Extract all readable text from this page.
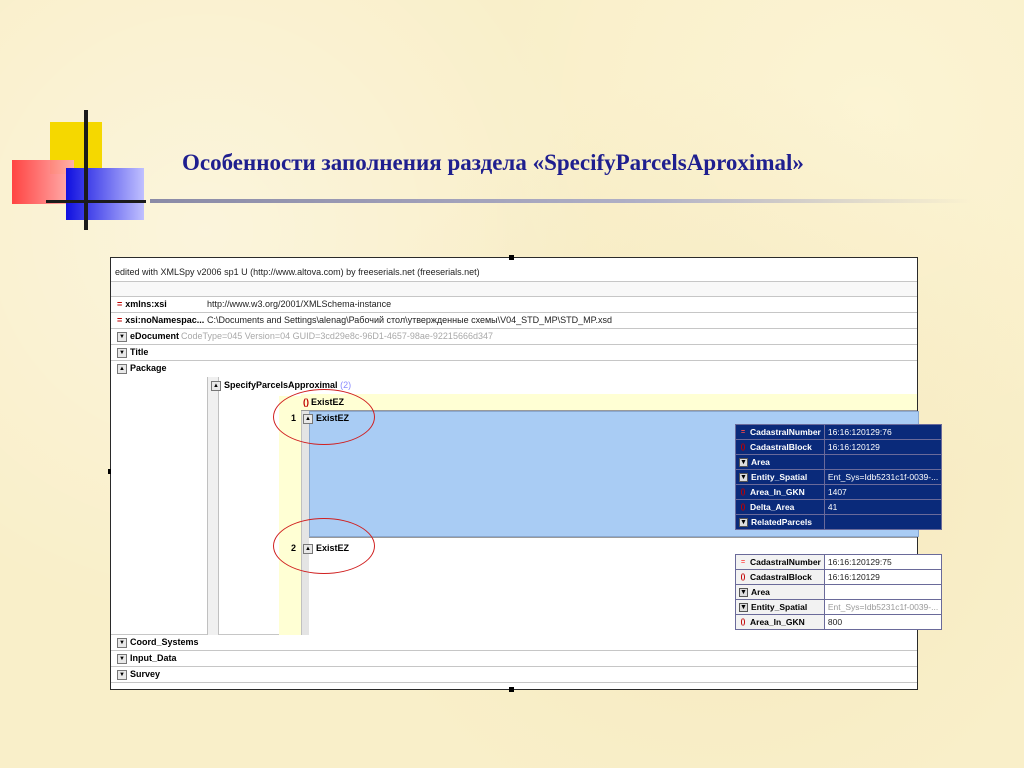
Особенности заполнения раздела «SpecifyParcelsAproximal»
edited with XMLSpy v2006 sp1 U (http://www.altova.com) by freeserials.net (freeserials.net)
= xmlns:xsi	http://www.w3.org/2001/XMLSchema-instance
= xsi:noNamespac... C:\Documents and Settings\alenag\Рабочий стол\утвержденные схемы\V04_STD_MP\STD_MP.xsd
▼ eDocument CodeType=045 Version=04 GUID=3cd29e8c-96D1-4657-98ae-92215666d347
▼ Title
▲ Package
▲ SpecifyParcelsApproximal (2)
() ExistEZ
1	▲ ExistEZ
= CadastralNumber	16:16:120129:76
() CadastralBlock	16:16:120129
▼ Area	
▼ Entity_Spatial	Ent_Sys=Idb5231c1f-0039-...
() Area_In_GKN	1407
() Delta_Area	41
▼ RelatedParcels	
2	▲ ExistEZ
= CadastralNumber	16:16:120129:75
() CadastralBlock	16:16:120129
▼ Area	
▼ Entity_Spatial	Ent_Sys=Idb5231c1f-0039-...
() Area_In_GKN	800
▼ Coord_Systems
▼ Input_Data
▼ Survey
